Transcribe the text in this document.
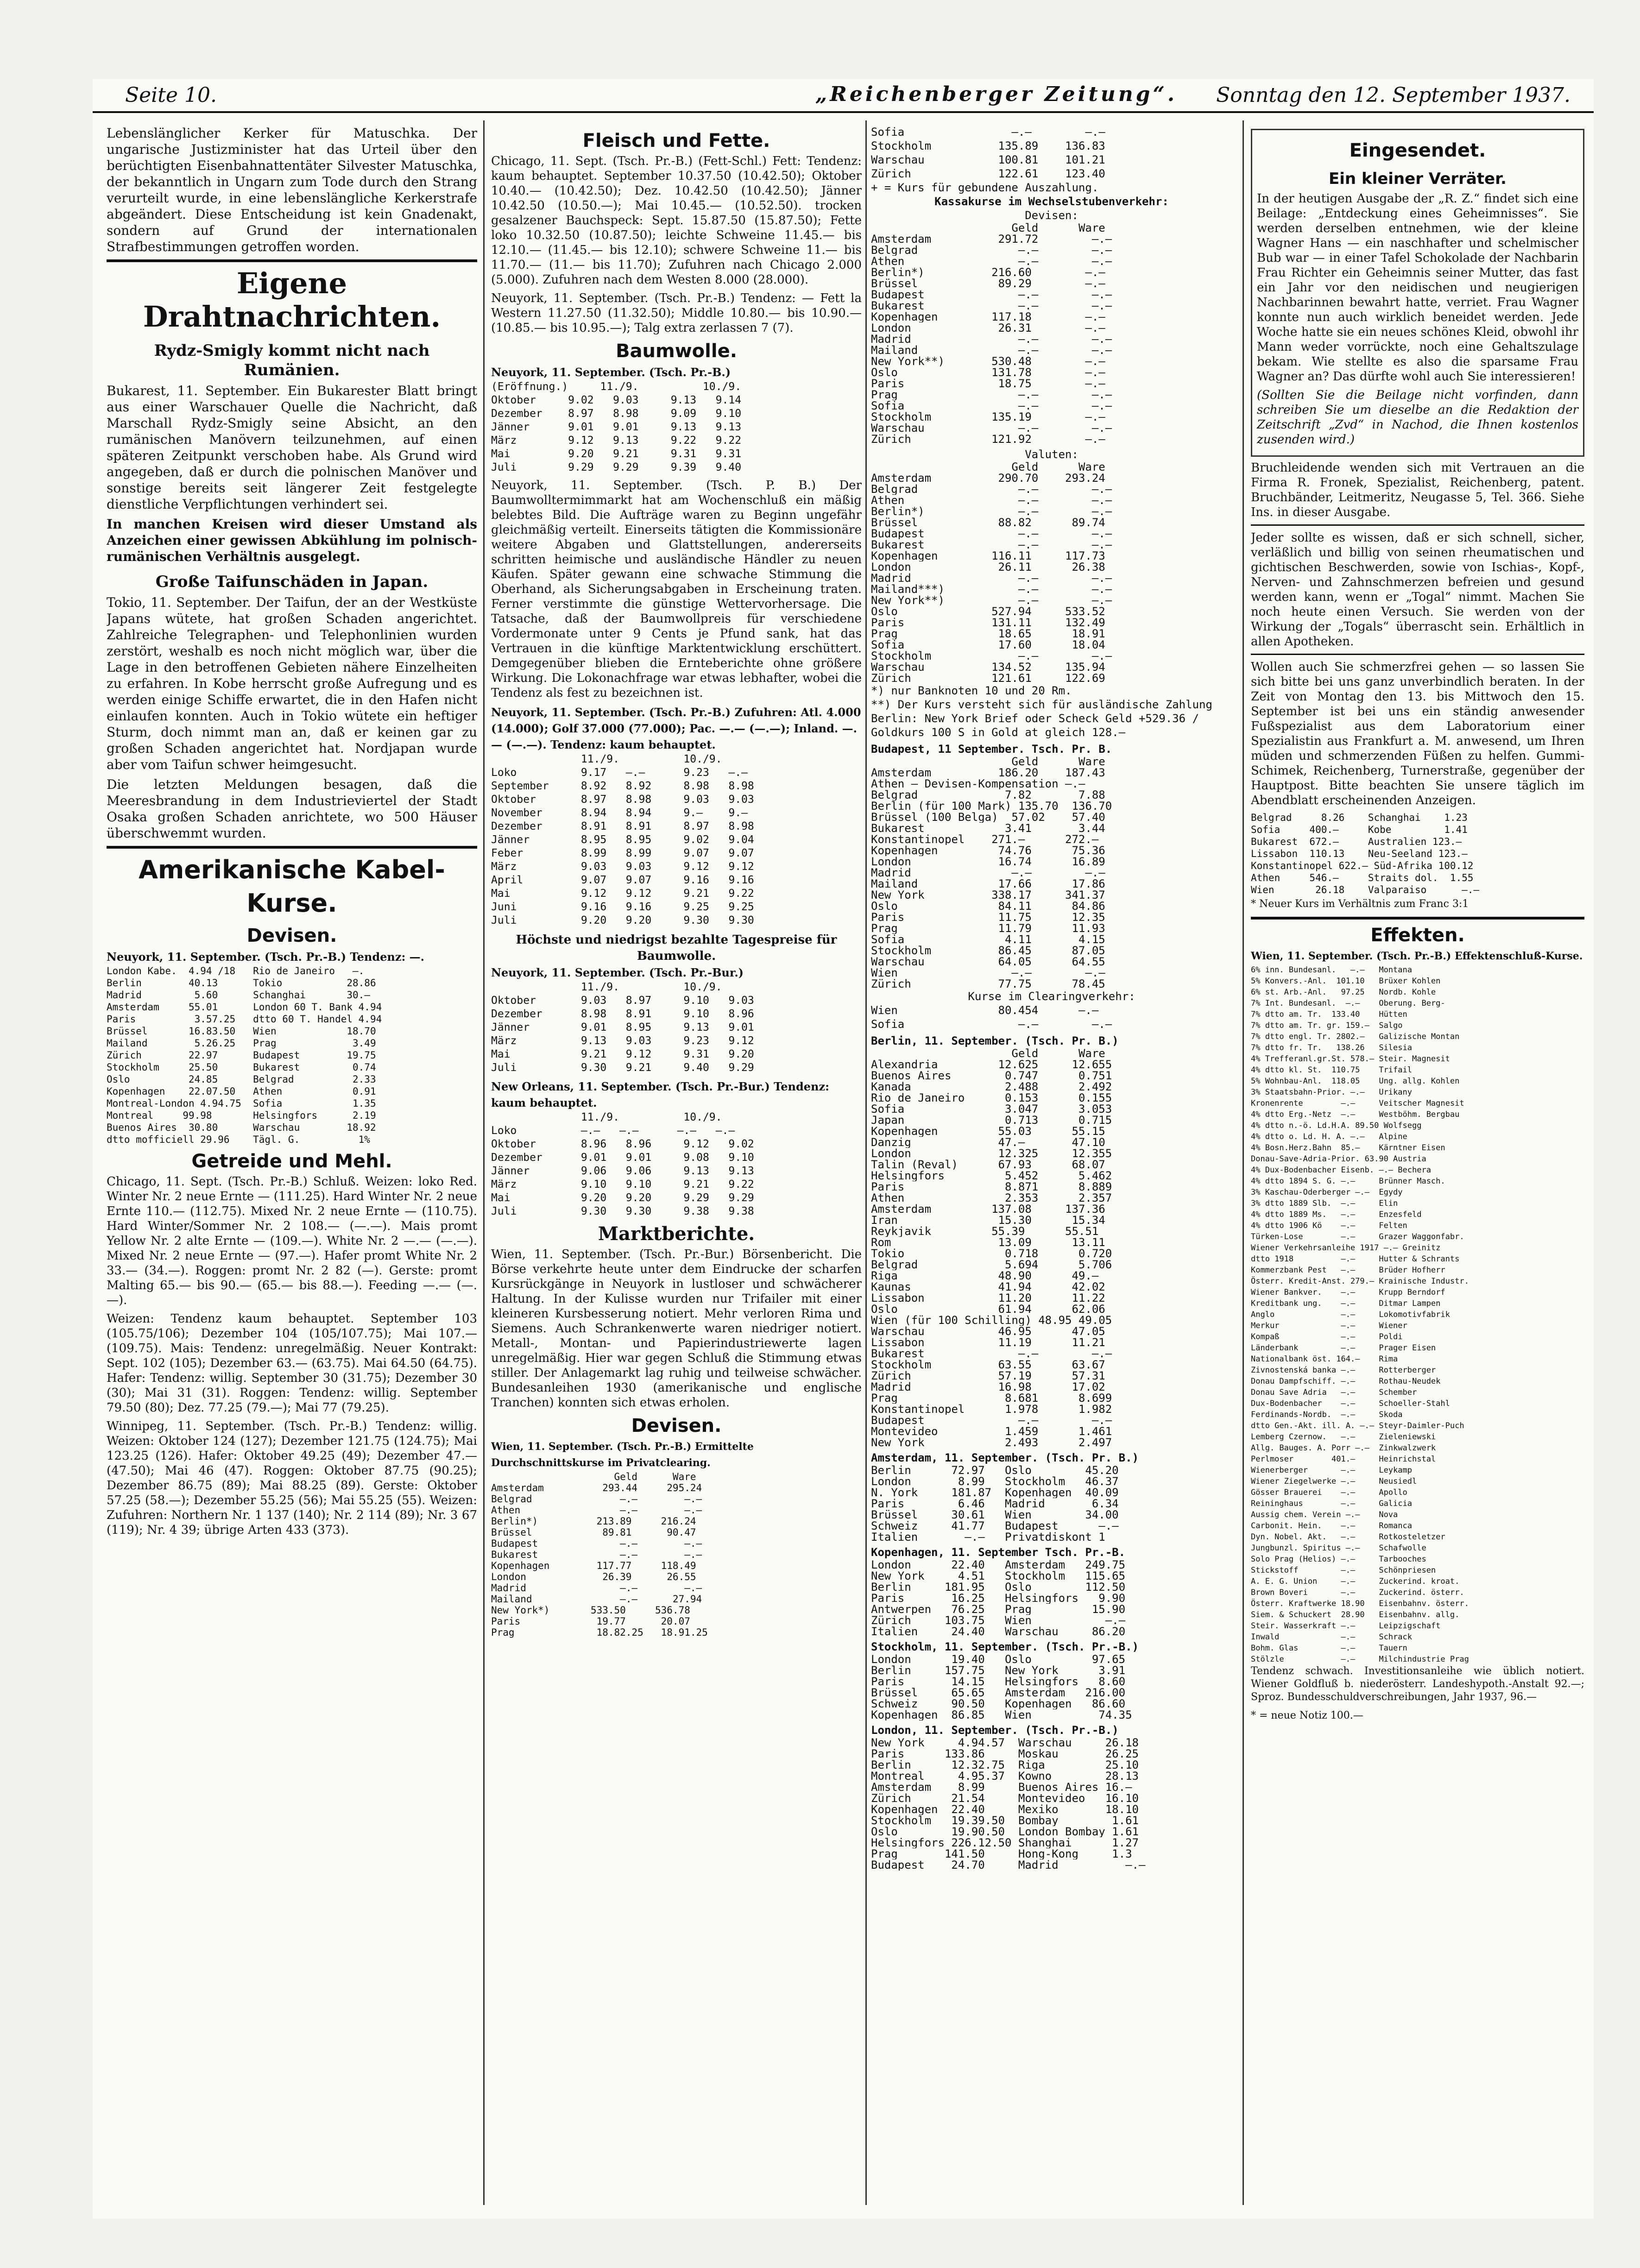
Seite 10.	„Reichenberger Zeitung“. Sonntag den 12. September 1937.

Lebenslänglicher Kerker für Matuschka. Der ungarische Justizminister hat das Urteil über den berüchtigten Eisenbahnattentäter Silvester Matuschka, der bekanntlich in Ungarn zum Tode durch den Strang verurteilt wurde, in eine lebenslängliche Kerkerstrafe abgeändert. Diese Entscheidung ist kein Gnadenakt, sondern auf Grund der internationalen Strafbestimmungen getroffen worden.

Eigene Drahtnachrichten.
Rydz-Smigly kommt nicht nach Rumänien.

Bukarest, 11. September. Ein Bukarester Blatt bringt aus einer Warschauer Quelle die Nachricht, daß Marschall Rydz-Smigly seine Absicht, an den rumänischen Manövern teilzunehmen, auf einen späteren Zeitpunkt verschoben habe. Als Grund wird angegeben, daß er durch die polnischen Manöver und sonstige bereits seit längerer Zeit festgelegte dienstliche Verpflichtungen verhindert sei.

In manchen Kreisen wird dieser Umstand als Anzeichen einer gewissen Abkühlung im polnisch-rumänischen Verhältnis ausgelegt.

Große Taifunschäden in Japan.

Tokio, 11. September. Der Taifun, der an der Westküste Japans wütete, hat großen Schaden angerichtet. Zahlreiche Telegraphen- und Telephonlinien wurden zerstört, weshalb es noch nicht möglich war, über die Lage in den betroffenen Gebieten nähere Einzelheiten zu erfahren. In Kobe herrscht große Aufregung und es werden einige Schiffe erwartet, die in den Hafen nicht einlaufen konnten. Auch in Tokio wütete ein heftiger Sturm, doch nimmt man an, daß er keinen gar zu großen Schaden angerichtet hat. Nordjapan wurde aber vom Taifun schwer heimgesucht.

Die letzten Meldungen besagen, daß die Meeresbrandung in dem Industrieviertel der Stadt Osaka großen Schaden anrichtete, wo 500 Häuser überschwemmt wurden.

Amerikanische Kabel-Kurse.
Devisen.
Neuyork, 11. September. (Tsch. Pr.-B.) Tendenz: —.
London Kabe.  4.94 /18   Rio de Janeiro   —.
Berlin        40.13      Tokio           28.86
Madrid         5.60      Schanghai       30.—
Amsterdam     55.01      London 60 T. Bank 4.94
Paris          3.57.25   dtto 60 T. Handel 4.94
Brüssel       16.83.50   Wien            18.70
Mailand        5.26.25   Prag             3.49
Zürich        22.97      Budapest        19.75
Stockholm     25.50      Bukarest         0.74
Oslo          24.85      Belgrad          2.33
Kopenhagen    22.07.50   Athen            0.91
Montreal-London 4.94.75  Sofia            1.35
Montreal     99.98       Helsingfors      2.19
Buenos Aires  30.80      Warschau        18.92
dtto mofficiell 29.96    Tägl. G.          1%
Getreide und Mehl.

Chicago, 11. Sept. (Tsch. Pr.-B.) Schluß. Weizen: loko Red. Winter Nr. 2 neue Ernte — (111.25). Hard Winter Nr. 2 neue Ernte 110.— (112.75). Mixed Nr. 2 neue Ernte — (110.75). Hard Winter/Sommer Nr. 2 108.— (—.—). Mais promt Yellow Nr. 2 alte Ernte — (109.—). White Nr. 2 —.— (—.—). Mixed Nr. 2 neue Ernte — (97.—). Hafer promt White Nr. 2 33.— (34.—). Roggen: promt Nr. 2 82 (—). Gerste: promt Malting 65.— bis 90.— (65.— bis 88.—). Feeding —.— (—.—).

Weizen: Tendenz kaum behauptet. September 103 (105.75/106); Dezember 104 (105/107.75); Mai 107.— (109.75). Mais: Tendenz: unregelmäßig. Neuer Kontrakt: Sept. 102 (105); Dezember 63.— (63.75). Mai 64.50 (64.75). Hafer: Tendenz: willig. September 30 (31.75); Dezember 30 (30); Mai 31 (31). Roggen: Tendenz: willig. September 79.50 (80); Dez. 77.25 (79.—); Mai 77 (79.25).

Winnipeg, 11. September. (Tsch. Pr.-B.) Tendenz: willig. Weizen: Oktober 124 (127); Dezember 121.75 (124.75); Mai 123.25 (126). Hafer: Oktober 49.25 (49); Dezember 47.— (47.50); Mai 46 (47). Roggen: Oktober 87.75 (90.25); Dezember 86.75 (89); Mai 88.25 (89). Gerste: Oktober 57.25 (58.—); Dezember 55.25 (56); Mai 55.25 (55). Weizen: Zufuhren: Northern Nr. 1 137 (140); Nr. 2 114 (89); Nr. 3 67 (119); Nr. 4 39; übrige Arten 433 (373).

Fleisch und Fette.

Chicago, 11. Sept. (Tsch. Pr.-B.) (Fett-Schl.) Fett: Tendenz: kaum behauptet. September 10.37.50 (10.42.50); Oktober 10.40.— (10.42.50); Dez. 10.42.50 (10.42.50); Jänner 10.42.50 (10.50.—); Mai 10.45.— (10.52.50). trocken gesalzener Bauchspeck: Sept. 15.87.50 (15.87.50); Fette loko 10.32.50 (10.87.50); leichte Schweine 11.45.— bis 12.10.— (11.45.— bis 12.10); schwere Schweine 11.— bis 11.70.— (11.— bis 11.70); Zufuhren nach Chicago 2.000 (5.000). Zufuhren nach dem Westen 8.000 (28.000).

Neuyork, 11. September. (Tsch. Pr.-B.) Tendenz: — Fett la Western 11.27.50 (11.32.50); Middle 10.80.— bis 10.90.— (10.85.— bis 10.95.—); Talg extra zerlassen 7 (7).

Baumwolle.
Neuyork, 11. September. (Tsch. Pr.-B.)
(Eröffnung.)     11./9.          10./9.
Oktober     9.02   9.03     9.13   9.14
Dezember    8.97   8.98     9.09   9.10
Jänner      9.01   9.01     9.13   9.13
März        9.12   9.13     9.22   9.22
Mai         9.20   9.21     9.31   9.31
Juli        9.29   9.29     9.39   9.40

Neuyork, 11. September. (Tsch. P. B.) Der Baumwolltermimmarkt hat am Wochenschluß ein mäßig belebtes Bild. Die Aufträge waren zu Beginn ungefähr gleichmäßig verteilt. Einerseits tätigten die Kommissionäre weitere Abgaben und Glattstellungen, andererseits schritten heimische und ausländische Händler zu neuen Käufen. Später gewann eine schwache Stimmung die Oberhand, als Sicherungsabgaben in Erscheinung traten. Ferner verstimmte die günstige Wettervorhersage. Die Tatsache, daß der Baumwollpreis für verschiedene Vordermonate unter 9 Cents je Pfund sank, hat das Vertrauen in die künftige Marktentwicklung erschüttert. Demgegenüber blieben die Ernteberichte ohne größere Wirkung. Die Lokonachfrage war etwas lebhafter, wobei die Tendenz als fest zu bezeichnen ist.

Neuyork, 11. September. (Tsch. Pr.-B.) Zufuhren: Atl. 4.000 (14.000); Golf 37.000 (77.000); Pac. —.— (—.—); Inland. —.— (—.—). Tendenz: kaum behauptet.
11./9.          10./9.
Loko          9.17   —.—      9.23   —.—
September     8.92   8.92     8.98   8.98
Oktober       8.97   8.98     9.03   9.03
November      8.94   8.94     9.—    9.—
Dezember      8.91   8.91     8.97   8.98
Jänner        8.95   8.95     9.02   9.04
Feber         8.99   8.99     9.07   9.07
März          9.03   9.03     9.12   9.12
April         9.07   9.07     9.16   9.16
Mai           9.12   9.12     9.21   9.22
Juni          9.16   9.16     9.25   9.25
Juli          9.20   9.20     9.30   9.30
Höchste und niedrigst bezahlte Tagespreise für Baumwolle.
Neuyork, 11. September. (Tsch. Pr.-Bur.)
11./9.          10./9.
Oktober       9.03   8.97     9.10   9.03
Dezember      8.98   8.91     9.10   8.96
Jänner        9.01   8.95     9.13   9.01
März          9.13   9.03     9.23   9.12
Mai           9.21   9.12     9.31   9.20
Juli          9.30   9.21     9.40   9.29
New Orleans, 11. September. (Tsch. Pr.-Bur.) Tendenz: kaum behauptet.
11./9.          10./9.
Loko          —.—   —.—      —.—   —.—
Oktober       8.96   8.96     9.12   9.02
Dezember      9.01   9.01     9.08   9.10
Jänner        9.06   9.06     9.13   9.13
März          9.10   9.10     9.21   9.22
Mai           9.20   9.20     9.29   9.29
Juli          9.30   9.30     9.38   9.38
Marktberichte.

Wien, 11. September. (Tsch. Pr.-Bur.) Börsenbericht. Die Börse verkehrte heute unter dem Eindrucke der scharfen Kursrückgänge in Neuyork in lustloser und schwächerer Haltung. In der Kulisse wurden nur Trifailer mit einer kleineren Kursbesserung notiert. Mehr verloren Rima und Siemens. Auch Schrankenwerte waren niedriger notiert. Metall-, Montan- und Papierindustriewerte lagen unregelmäßig. Hier war gegen Schluß die Stimmung etwas stiller. Der Anlagemarkt lag ruhig und teilweise schwächer. Bundesanleihen 1930 (amerikanische und englische Tranchen) konnten sich etwas erholen.

Devisen.
Wien, 11. September. (Tsch. Pr.-B.) Ermittelte Durchschnittskurse im Privatclearing.
Geld      Ware
Amsterdam          293.44     295.24
Belgrad               —.—        —.—
Athen                 —.—        —.—
Berlin*)          213.89     216.24
Brüssel            89.81      90.47
Budapest              —.—        —.—
Bukarest              —.—        —.—
Kopenhagen        117.77     118.49
London             26.39      26.55
Madrid                —.—        —.—
Mailand               —.—      27.94
New York*)       533.50     536.78
Paris             19.77      20.07
Prag              18.82.25   18.91.25
Sofia                —.—        —.—
Stockholm          135.89    136.83
Warschau           100.81    101.21
Zürich             122.61    123.40
+ = Kurs für gebundene Auszahlung.
Kassakurse im Wechselstubenverkehr:
Devisen:
Geld      Ware
Amsterdam          291.72        —.—
Belgrad               —.—        —.—
Athen                 —.—        —.—
Berlin*)          216.60        —.—
Brüssel            89.29        —.—
Budapest              —.—        —.—
Bukarest              —.—        —.—
Kopenhagen        117.18        —.—
London             26.31        —.—
Madrid                —.—        —.—
Mailand               —.—        —.—
New York**)       530.48        —.—
Oslo              131.78        —.—
Paris              18.75        —.—
Prag                  —.—        —.—
Sofia                 —.—        —.—
Stockholm         135.19        —.—
Warschau              —.—        —.—
Zürich            121.92        —.—
Valuten:
Geld      Ware
Amsterdam          290.70    293.24
Belgrad               —.—        —.—
Athen                 —.—        —.—
Berlin*)              —.—        —.—
Brüssel            88.82      89.74
Budapest              —.—        —.—
Bukarest              —.—        —.—
Kopenhagen        116.11     117.73
London             26.11      26.38
Madrid                —.—        —.—
Mailand***)           —.—        —.—
New York**)           —.—        —.—
Oslo              527.94     533.52
Paris             131.11     132.49
Prag               18.65      18.91
Sofia              17.60      18.04
Stockholm             —.—        —.—
Warschau          134.52     135.94
Zürich            121.61     122.69
*) nur Banknoten 10 und 20 Rm.
**) Der Kurs versteht sich für ausländische Zahlung
Berlin: New York Brief oder Scheck Geld +529.36 / Goldkurs 100 S in Gold at gleich 128.—
Budapest, 11 September. Tsch. Pr. B.
Geld      Ware
Amsterdam          186.20    187.43
Athen — Devisen-Kompensation —.—
Belgrad             7.82       7.88
Berlin (für 100 Mark) 135.70  136.70
Brüssel (100 Belga)  57.02    57.40
Bukarest            3.41       3.44
Konstantinopel    271.—      272.—
Kopenhagen         74.76      75.36
London             16.74      16.89
Madrid               —.—        —.—
Mailand            17.66      17.86
New York          338.17     341.37
Oslo               84.11      84.86
Paris              11.75      12.35
Prag               11.79      11.93
Sofia               4.11       4.15
Stockholm          86.45      87.05
Warschau           64.05      64.55
Wien                 —.—        —.—
Zürich             77.75      78.45
Kurse im Clearingverkehr:
Wien               80.454      —.—
Sofia                 —.—        —.—
Berlin, 11. September. (Tsch. Pr. B.)
Geld      Ware
Alexandria         12.625     12.655
Buenos Aires        0.747      0.751
Kanada              2.488      2.492
Rio de Janeiro      0.153      0.155
Sofia               3.047      3.053
Japan               0.713      0.715
Kopenhagen         55.03      55.15
Danzig             47.—       47.10
London             12.325     12.355
Talin (Reval)      67.93      68.07
Helsingfors         5.452      5.462
Paris               8.871      8.889
Athen               2.353      2.357
Amsterdam         137.08     137.36
Iran               15.30      15.34
Reykjavik         55.39      55.51
Rom                13.09      13.11
Tokio               0.718      0.720
Belgrad             5.694      5.706
Riga               48.90      49.—
Kaunas             41.94      42.02
Lissabon           11.20      11.22
Oslo               61.94      62.06
Wien (für 100 Schilling) 48.95 49.05
Warschau           46.95      47.05
Lissabon           11.19      11.21
Bukarest              —.—        —.—
Stockholm          63.55      63.67
Zürich             57.19      57.31
Madrid             16.98      17.02
Prag                8.681      8.699
Konstantinopel      1.978      1.982
Budapest              —.—        —.—
Montevideo          1.459      1.461
New York            2.493      2.497
Amsterdam, 11. September. (Tsch. Pr. B.)
Berlin      72.97   Oslo        45.20
London       8.99   Stockholm   46.37
N. York     181.87  Kopenhagen  40.09
Paris        6.46   Madrid       6.34
Brüssel     30.61   Wien        34.00
Schweiz     41.77   Budapest      —.—
Italien       —.—   Privatdiskont 1
Kopenhagen, 11. September Tsch. Pr.-B.
London      22.40   Amsterdam   249.75
New York     4.51   Stockholm   115.65
Berlin     181.95   Oslo        112.50
Paris       16.25   Helsingfors   9.90
Antwerpen   76.25   Prag         15.90
Zürich     103.75   Wien           —.—
Italien     24.40   Warschau     86.20
Stockholm, 11. September. (Tsch. Pr.-B.)
London      19.40   Oslo         97.65
Berlin     157.75   New York      3.91
Paris       14.15   Helsingfors   8.60
Brüssel     65.65   Amsterdam   216.00
Schweiz     90.50   Kopenhagen   86.60
Kopenhagen  86.85   Wien          74.35
London, 11. September. (Tsch. Pr.-B.)
New York     4.94.57  Warschau     26.18
Paris      133.86     Moskau       26.25
Berlin      12.32.75  Riga         25.10
Montreal     4.95.37  Kowno        28.13
Amsterdam    8.99     Buenos Aires 16.—
Zürich      21.54     Montevideo   16.10
Kopenhagen  22.40     Mexiko       18.10
Stockholm   19.39.50  Bombay        1.61
Oslo        19.90.50  London Bombay 1.61
Helsingfors 226.12.50 Shanghai      1.27
Prag       141.50     Hong-Kong     1.3
Budapest    24.70     Madrid          —.—
Eingesendet.
Ein kleiner Verräter.

In der heutigen Ausgabe der „R. Z.“ findet sich eine Beilage: „Entdeckung eines Geheimnisses“. Sie werden derselben entnehmen, wie der kleine Wagner Hans — ein naschhafter und schelmischer Bub war — in einer Tafel Schokolade der Nachbarin Frau Richter ein Geheimnis seiner Mutter, das fast ein Jahr vor den neidischen und neugierigen Nachbarinnen bewahrt hatte, verriet. Frau Wagner konnte nun auch wirklich beneidet werden. Jede Woche hatte sie ein neues schönes Kleid, obwohl ihr Mann weder vorrückte, noch eine Gehaltszulage bekam. Wie stellte es also die sparsame Frau Wagner an? Das dürfte wohl auch Sie interessieren!

(Sollten Sie die Beilage nicht vorfinden, dann schreiben Sie um dieselbe an die Redaktion der Zeitschrift „Zvd“ in Nachod, die Ihnen kostenlos zusenden wird.)

Bruchleidende wenden sich mit Vertrauen an die Firma R. Fronek, Spezialist, Reichenberg, patent. Bruchbänder, Leitmeritz, Neugasse 5, Tel. 366. Siehe Ins. in dieser Ausgabe.

Jeder sollte es wissen, daß er sich schnell, sicher, verläßlich und billig von seinen rheumatischen und gichtischen Beschwerden, sowie von Ischias-, Kopf-, Nerven- und Zahnschmerzen befreien und gesund werden kann, wenn er „Togal“ nimmt. Machen Sie noch heute einen Versuch. Sie werden von der Wirkung der „Togals“ überrascht sein. Erhältlich in allen Apotheken.

Wollen auch Sie schmerzfrei gehen — so lassen Sie sich bitte bei uns ganz unverbindlich beraten. In der Zeit von Montag den 13. bis Mittwoch den 15. September ist bei uns ein ständig anwesender Fußspezialist aus dem Laboratorium einer Spezialistin aus Frankfurt a. M. anwesend, um Ihren müden und schmerzenden Füßen zu helfen. Gummi-Schimek, Reichenberg, Turnerstraße, gegenüber der Hauptpost. Bitte beachten Sie unsere täglich im Abendblatt erscheinenden Anzeigen.

Belgrad     8.26    Schanghai    1.23
Sofia     400.—     Kobe         1.41
Bukarest  672.—     Australien 123.—
Lissabon  110.13    Neu-Seeland 123.—
Konstantinopel 622.— Süd-Afrika 100.12
Athen     546.—     Straits dol.  1.55
Wien       26.18    Valparaiso      —.—
* Neuer Kurs im Verhältnis zum Franc 3:1
Effekten.
Wien, 11. September. (Tsch. Pr.-B.) Effektenschluß-Kurse.
6% inn. Bundesanl.   —.—   Montana
5% Konvers.-Anl.  101.10   Brüxer Kohlen
6% st. Arb.-Anl.   97.25   Nordb. Kohle
7% Int. Bundesanl.  —.—    Oberung. Berg-
7% dtto am. Tr.  133.40    Hütten
7% dtto am. Tr. gr. 159.—  Salgo
7% dtto engl. Tr. 2802.—   Galizische Montan
7% dtto fr. Tr.   138.26   Silesia
4% Trefferanl.gr.St. 578.— Steir. Magnesit
4% dtto kl. St.  110.75    Trifail
5% Wohnbau-Anl.  118.05    Ung. allg. Kohlen
3% Staatsbahn-Prior. —.—   Urikany
Kronenrente        —.—     Veitscher Magnesit
4% dtto Erg.-Netz  —.—     Westböhm. Bergbau
4% dtto n.-ö. Ld.H.A. 89.50 Wolfsegg
4% dtto o. Ld. H. A. —.—   Alpine
4% Bosn.Herz.Bahn  85.—    Kärntner Eisen
Donau-Save-Adria-Prior. 63.90 Austria
4% Dux-Bodenbacher Eisenb. —.— Bechera
4% dtto 1894 S. G. —.—     Brünner Masch.
3% Kaschau-Oderberger —.—  Egydy
3% dtto 1889 Slb.  —.—     Elin
4% dtto 1889 Ms.   —.—     Enzesfeld
4% dtto 1906 Kö    —.—     Felten
Türken-Lose        —.—     Grazer Waggonfabr.
Wiener Verkehrsanleihe 1917 —.— Greinitz
dtto 1918          —.—     Hutter & Schrants
Kommerzbank Pest   —.—     Brüder Hofherr
Österr. Kredit-Anst. 279.— Krainische Industr.
Wiener Bankver.    —.—     Krupp Berndorf
Kreditbank ung.    —.—     Ditmar Lampen
Anglo              —.—     Lokomotivfabrik
Merkur             —.—     Wiener
Kompaß             —.—     Poldi
Länderbank         —.—     Prager Eisen
Nationalbank öst. 164.—    Rima
Zivnostenská banka —.—     Rotterberger
Donau Dampfschiff. —.—     Rothau-Neudek
Donau Save Adria   —.—     Schember
Dux-Bodenbacher    —.—     Schoeller-Stahl
Ferdinands-Nordb.  —.—     Skoda
dtto Gen.-Akt. ill. A. —.— Steyr-Daimler-Puch
Lemberg Czernow.   —.—     Zieleniewski
Allg. Bauges. A. Porr —.—  Zinkwalzwerk
Perlmoser        401.—     Heinrichstal
Wienerberger       —.—     Leykamp
Wiener Ziegelwerke —.—     Neusiedl
Gösser Brauerei    —.—     Apollo
Reininghaus        —.—     Galicia
Aussig chem. Verein —.—    Nova
Carbonit. Hein.    —.—     Romanca
Dyn. Nobel. Akt.   —.—     Rotkosteletzer
Jungbunzl. Spiritus —.—    Schafwolle
Solo Prag (Helios) —.—     Tarbooches
Stickstoff         —.—     Schönpriesen
A. E. G. Union     —.—     Zuckerind. kroat.
Brown Boveri       —.—     Zuckerind. österr.
Österr. Kraftwerke 18.90   Eisenbahnv. österr.
Siem. & Schuckert  28.90   Eisenbahnv. allg.
Steir. Wasserkraft —.—     Leipzigschaft
Inwald             —.—     Schrack
Bohm. Glas         —.—     Tauern
Stölzle            —.—     Milchindustrie Prag

Tendenz schwach. Investitionsanleihe wie üblich notiert. Wiener Goldfluß b. niederösterr. Landeshypoth.-Anstalt 92.—; Sproz. Bundesschuldverschreibungen, Jahr 1937, 96.—

* = neue Notiz 100.—
